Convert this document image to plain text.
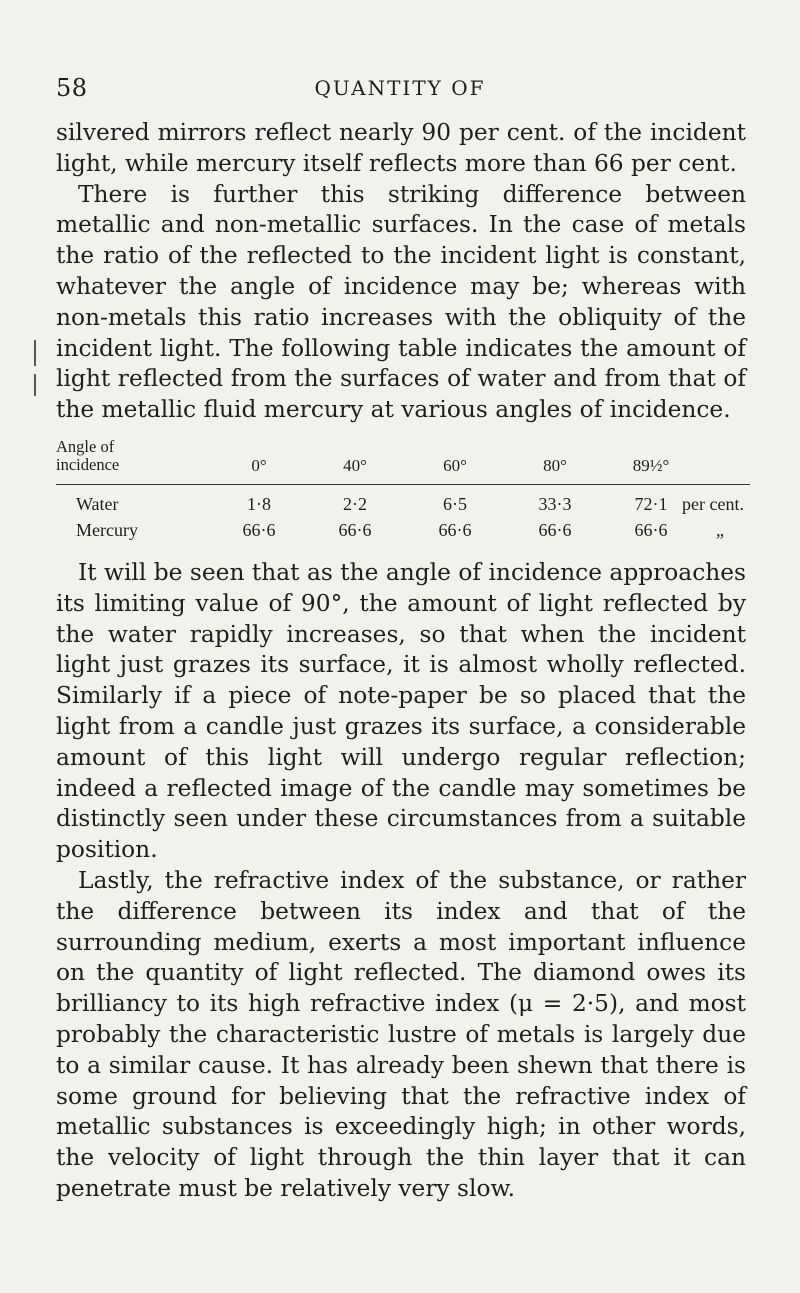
58	QUANTITY OF
silvered mirrors reflect nearly 90 per cent. of the incident light, while mercury itself reflects more than 66 per cent.
There is further this striking difference between metallic and non-metallic surfaces. In the case of metals the ratio of the reflected to the incident light is constant, whatever the angle of incidence may be; whereas with non-metals this ratio increases with the obliquity of the incident light. The following table indicates the amount of light reflected from the surfaces of water and from that of the metallic fluid mercury at various angles of incidence.
Angle of
incidence	0°	40°	60°	80°	89½°
Water	1·8	2·2	6·5	33·3	72·1 per cent.
Mercury	66·6	66·6	66·6	66·6	66·6	„

It will be seen that as the angle of incidence approaches its limiting value of 90°, the amount of light reflected by the water rapidly increases, so that when the incident light just grazes its surface, it is almost wholly reflected. Similarly if a piece of note-paper be so placed that the light from a candle just grazes its surface, a considerable amount of this light will undergo regular reflection; indeed a reflected image of the candle may sometimes be distinctly seen under these circumstances from a suitable position.

Lastly, the refractive index of the substance, or rather the difference between its index and that of the surrounding medium, exerts a most important influence on the quantity of light reflected. The diamond owes its brilliancy to its high refractive index (μ = 2·5), and most probably the characteristic lustre of metals is largely due to a similar cause. It has already been shewn that there is some ground for believing that the refractive index of metallic substances is exceedingly high; in other words, the velocity of light through the thin layer that it can penetrate must be relatively very slow.
